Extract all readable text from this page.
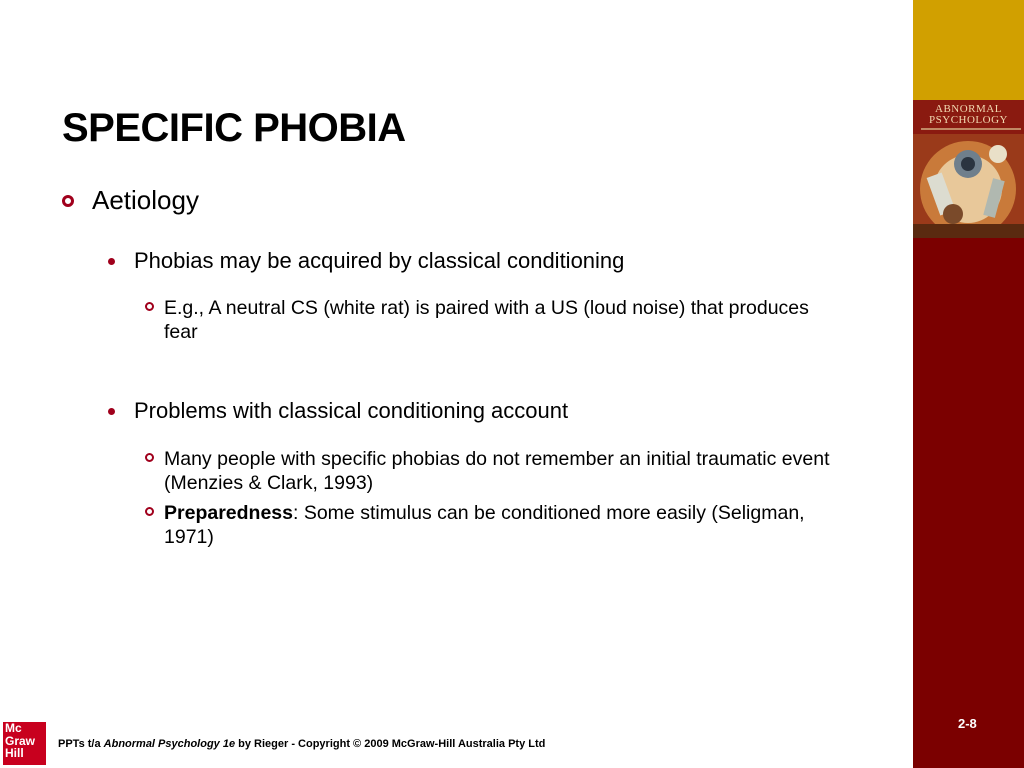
ABNORMAL
PSYCHOLOGY
2-8
SPECIFIC PHOBIA
Aetiology
Phobias may be acquired by classical conditioning
E.g., A neutral CS (white rat) is paired with a US (loud noise) that produces fear
Problems with classical conditioning account
Many people with specific phobias do not remember an initial traumatic event (Menzies & Clark, 1993)
Preparedness: Some stimulus can be conditioned more easily (Seligman, 1971)
Mc
Graw
Hill
PPTs t/a Abnormal Psychology 1e by Rieger - Copyright © 2009 McGraw-Hill Australia Pty Ltd
